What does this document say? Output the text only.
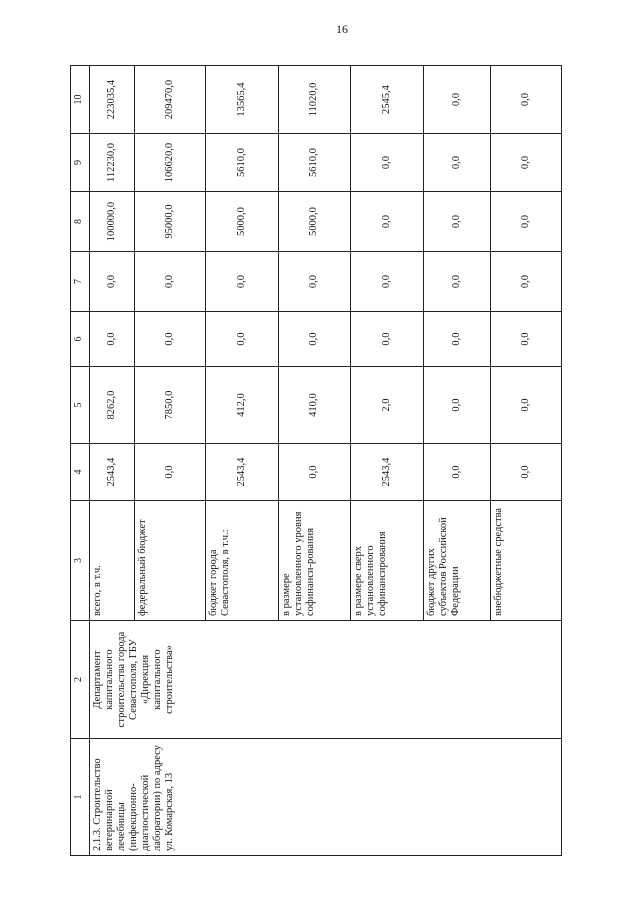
16
1	2	3	4	5	6	7	8	9	10
2.1.3. Строительство ветеринарной лечебницы (инфекционно-диагностической лаборатории) по адресу ул. Комарская, 13	Департамент капитального строительства города Севастополя, ГБУ «Дирекция капитального строительства»	всего, в т.ч.	2543,4	8262,0	0,0	0,0	100000,0	112230,0	223035,4
		федеральный бюджет	0,0	7850,0	0,0	0,0	95000,0	106620,0	209470,0
		бюджет города Севастополя, в т.ч.:	2543,4	412,0	0,0	0,0	5000,0	5610,0	13565,4
		в размере установленного уровня софинанси-рования	0,0	410,0	0,0	0,0	5000,0	5610,0	11020,0
		в размере сверх установленного софинансирования	2543,4	2,0	0,0	0,0	0,0	0,0	2545,4
		бюджет других субъектов Российской Федерации	0,0	0,0	0,0	0,0	0,0	0,0	0,0
		внебюджетные средства	0,0	0,0	0,0	0,0	0,0	0,0	0,0
